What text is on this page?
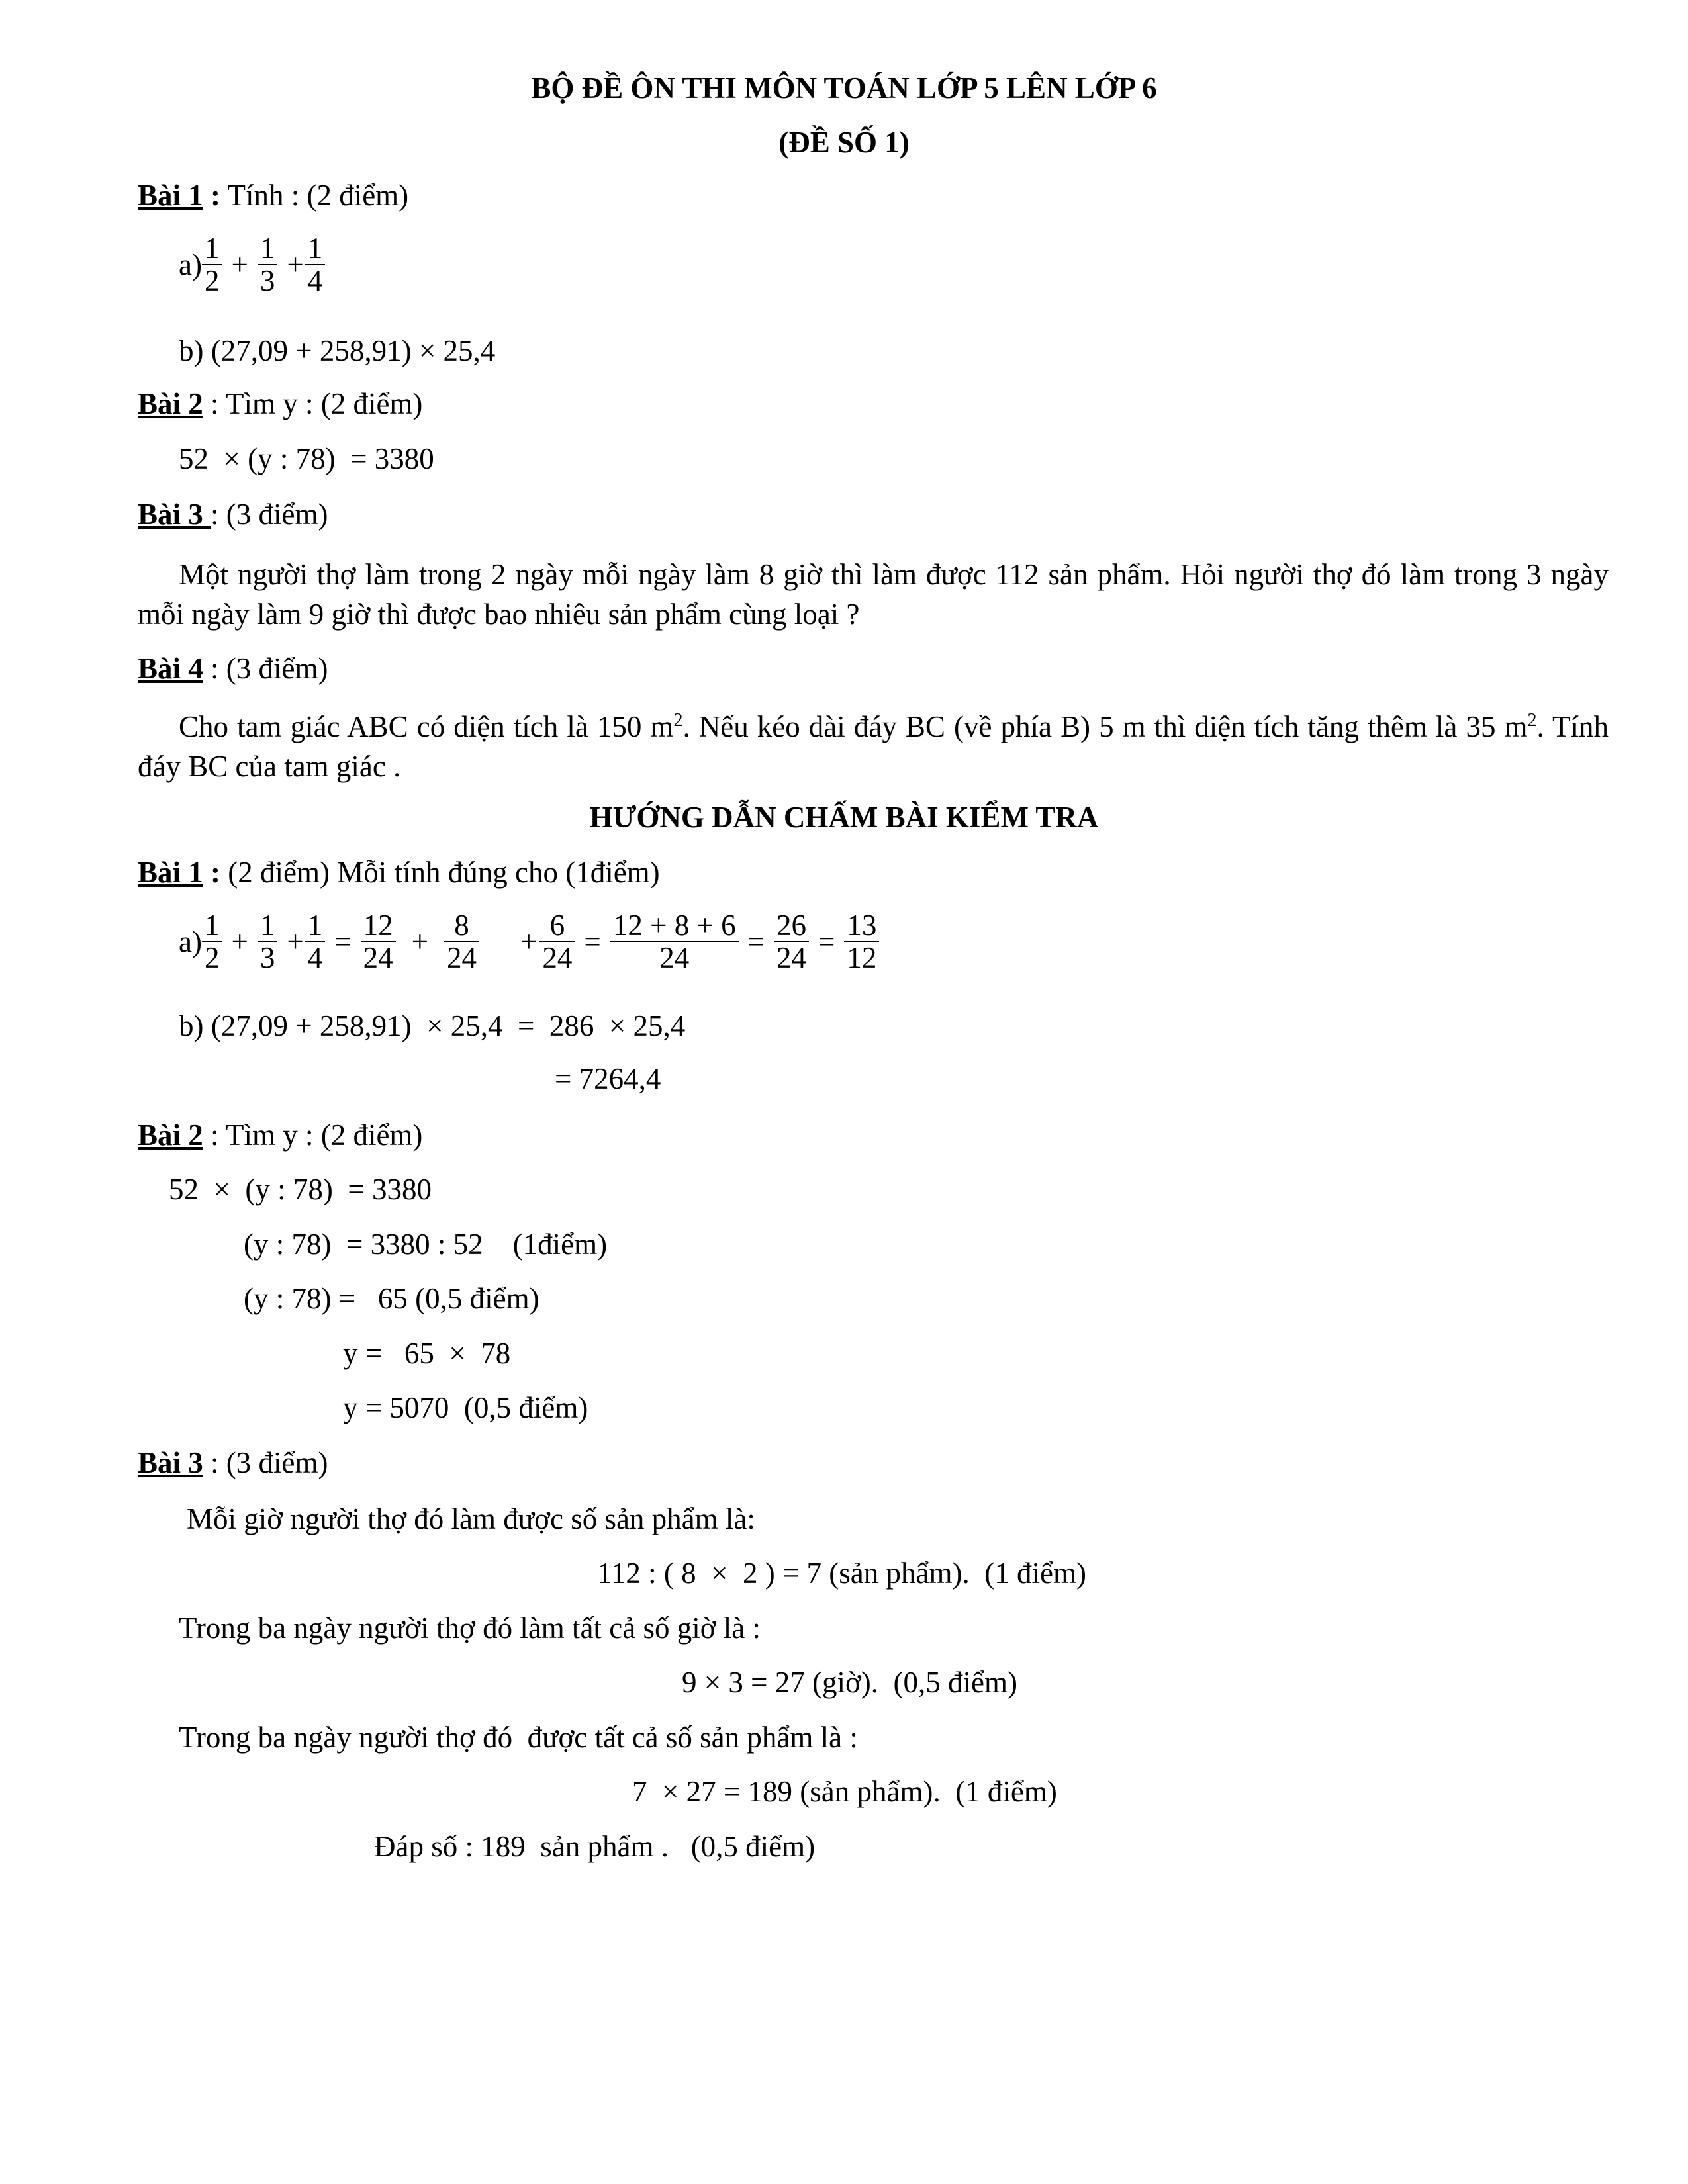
BỘ ĐỀ ÔN THI MÔN TOÁN LỚP 5 LÊN LỚP 6
(ĐỀ SỐ 1)
Bài 1 : Tính : (2 điểm)
$a) \frac{1}{2} + \frac{1}{3} + \frac{1}{4}$
b) (27,09 + 258,91) × 25,4
Bài 2 : Tìm y : (2 điểm)
52  × (y : 78)  = 3380
Bài 3 : (3 điểm)
Một người thợ làm trong 2 ngày mỗi ngày làm 8 giờ thì làm được 112 sản phẩm. Hỏi người thợ đó làm trong 3 ngày mỗi ngày làm 9 giờ thì được bao nhiêu sản phẩm cùng loại ?
Bài 4 : (3 điểm)
Cho tam giác ABC có diện tích là 150 $m^2$. Nếu kéo dài đáy BC (về phía B) 5 m thì diện tích tăng thêm là 35 $m^2$. Tính đáy BC của tam giác .
HƯỚNG DẪN CHẤM BÀI KIỂM TRA
Bài 1 : (2 điểm) Mỗi tính đúng cho (1điểm)
$a) \frac{1}{2} + \frac{1}{3} + \frac{1}{4} = \frac{12}{24} + \frac{8}{24} + \frac{6}{24} = \frac{12 + 8 + 6}{24} = \frac{26}{24} = \frac{13}{12}$
b) (27,09 + 258,91)  × 25,4  =  286  × 25,4
= 7264,4
Bài 2 : Tìm y : (2 điểm)
52  ×  (y : 78)  = 3380
(y : 78)  = 3380 : 52    (1điểm)
(y : 78) =   65 (0,5 điểm)
y =   65  ×  78
y = 5070  (0,5 điểm)
Bài 3 : (3 điểm)
Mỗi giờ người thợ đó làm được số sản phẩm là:
112 : ( 8  ×  2 ) = 7 (sản phẩm).  (1 điểm)
Trong ba ngày người thợ đó làm tất cả số giờ là :
9 × 3 = 27 (giờ).  (0,5 điểm)
Trong ba ngày người thợ đó  được tất cả số sản phẩm là :
7  × 27 = 189 (sản phẩm).  (1 điểm)
Đáp số : 189  sản phẩm .   (0,5 điểm)
